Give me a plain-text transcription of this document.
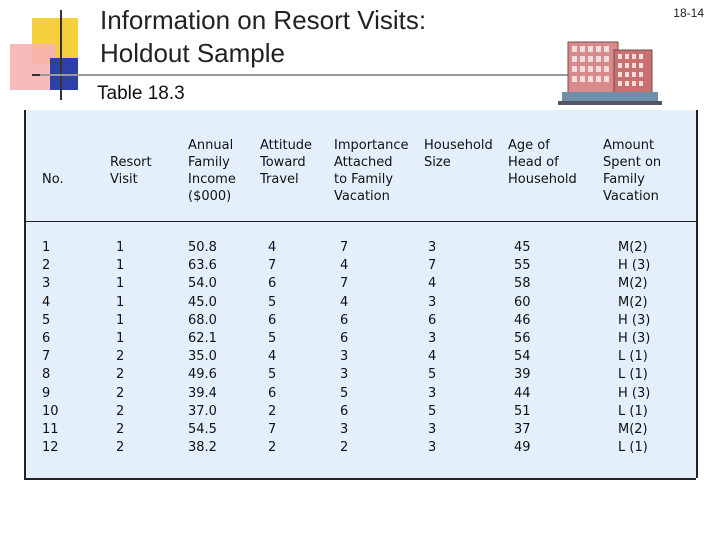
Information on Resort Visits:
Holdout Sample
18-14
Table 18.3
No.
Resort
Visit
Annual
Family
Income
($000)
Attitude
Toward
Travel
Importance
Attached
to Family
Vacation
Household
Size
Age of
Head of
Household
Amount
Spent on
Family
Vacation
1
2
3
4
5
6
7
8
9
10
11
12
1
1
1
1
1
1
2
2
2
2
2
2
50.8
63.6
54.0
45.0
68.0
62.1
35.0
49.6
39.4
37.0
54.5
38.2
4
7
6
5
6
5
4
5
6
2
7
2
7
4
7
4
6
6
3
3
5
6
3
2
3
7
4
3
6
3
4
5
3
5
3
3
45
55
58
60
46
56
54
39
44
51
37
49
M(2)
H (3)
M(2)
M(2)
H (3)
H (3)
L (1)
L (1)
H (3)
L (1)
M(2)
L (1)
